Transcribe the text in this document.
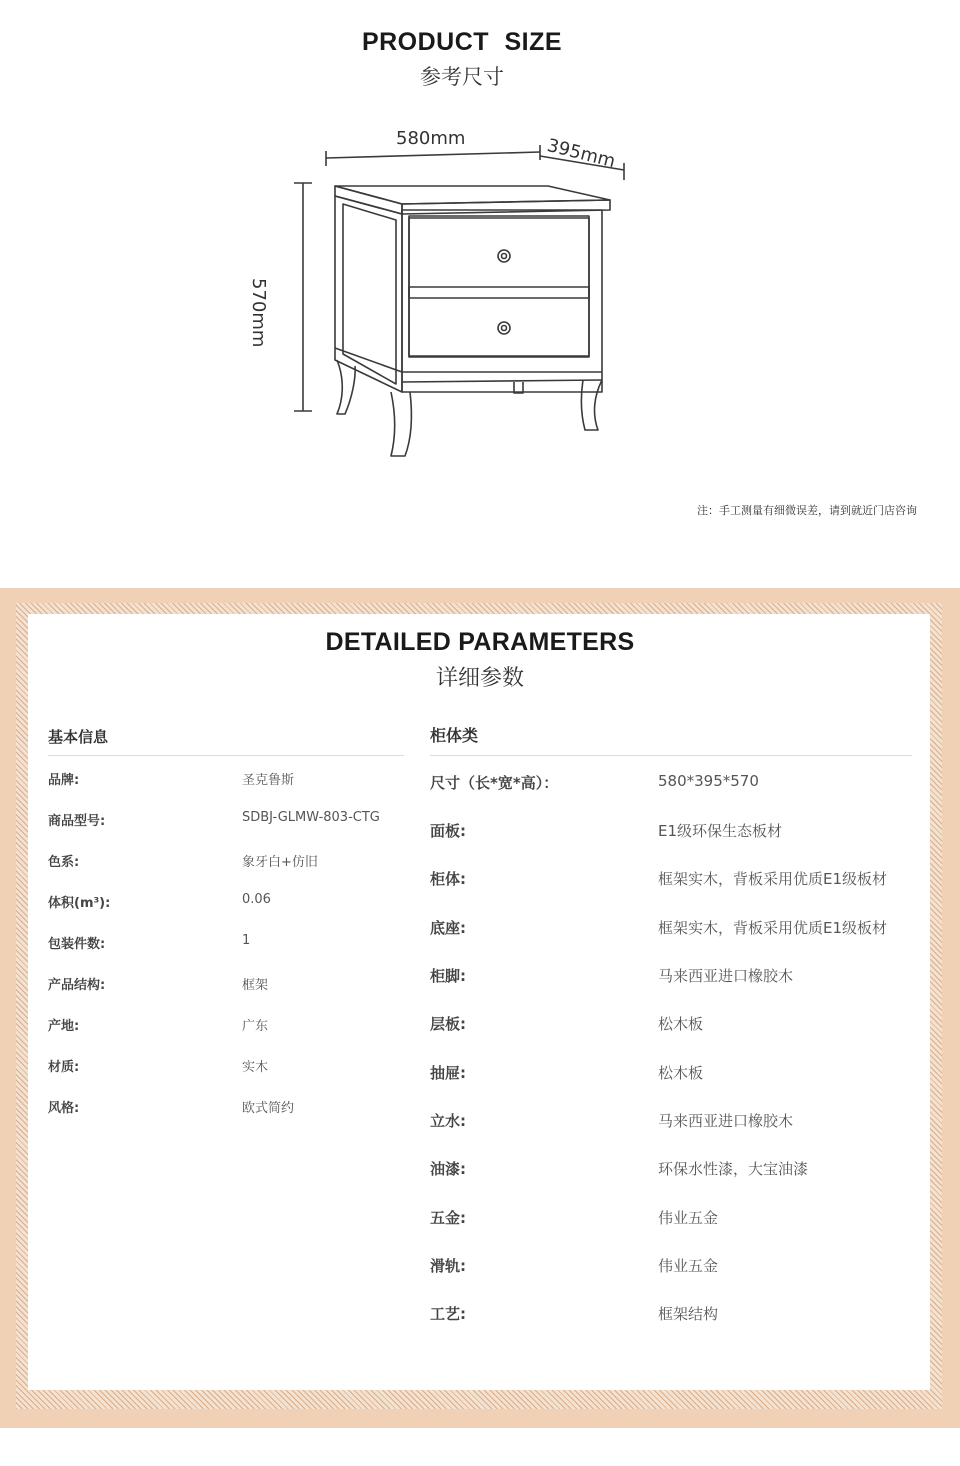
PRODUCT SIZE
参考尺寸
580mm	395mm
570mm
注：手工测量有细微误差，请到就近门店咨询
DETAILED PARAMETERS
详细参数
基本信息
品牌:	圣克鲁斯
商品型号:	SDBJ-GLMW-803-CTG
色系:	象牙白+仿旧
体积(m³):	0.06
包装件数:	1
产品结构:	框架
产地:	广东
材质:	实木
风格:	欧式简约
柜体类
尺寸（长*宽*高）：	580*395*570
面板:	E1级环保生态板材
柜体:	框架实木，背板采用优质E1级板材
底座:	框架实木，背板采用优质E1级板材
柜脚:	马来西亚进口橡胶木
层板:	松木板
抽屉:	松木板
立水:	马来西亚进口橡胶木
油漆:	环保水性漆，大宝油漆
五金:	伟业五金
滑轨:	伟业五金
工艺:	框架结构
